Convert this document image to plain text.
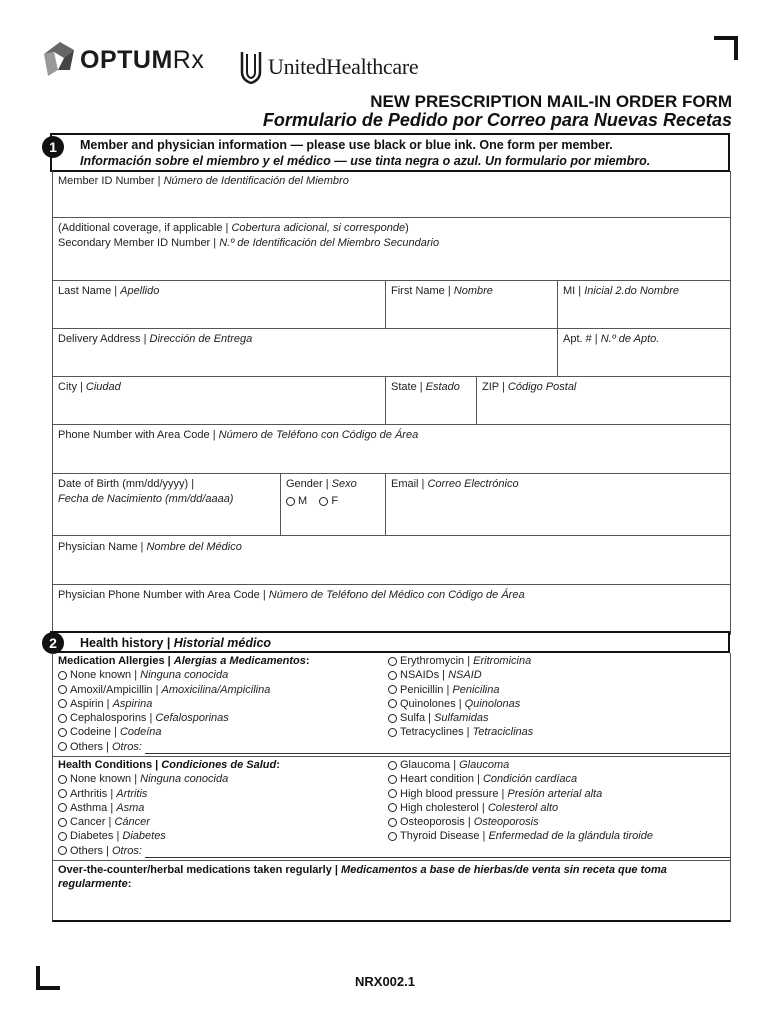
OPTUMRx	UnitedHealthcare
NEW PRESCRIPTION MAIL-IN ORDER FORM
Formulario de Pedido por Correo para Nuevas Recetas
1	Member and physician information — please use black or blue ink. One form per member.
Información sobre el miembro y el médico — use tinta negra o azul. Un formulario por miembro.
Member ID Number | Número de Identificación del Miembro
(Additional coverage, if applicable | Cobertura adicional, si corresponde)
Secondary Member ID Number | N.º de Identificación del Miembro Secundario
Last Name | Apellido	First Name | Nombre	MI | Inicial 2.do Nombre
Delivery Address | Dirección de Entrega	Apt. # | N.º de Apto.
City | Ciudad	State | Estado	ZIP | Código Postal
Phone Number with Area Code | Número de Teléfono con Código de Área
Date of Birth (mm/dd/yyyy) |
Fecha de Nacimiento (mm/dd/aaaa)
Gender | Sexo
M F
Email | Correo Electrónico
Physician Name | Nombre del Médico
Physician Phone Number with Area Code | Número de Teléfono del Médico con Código de Área
2	Health history | Historial médico
Medication Allergies | Alergias a Medicamentos:
None known | Ninguna conocida
Amoxil/Ampicillin | Amoxicilina/Ampicilina
Aspirin | Aspirina
Cephalosporins | Cefalosporinas
Codeine | Codeína
Others | Otros:
Erythromycin | Eritromicina
NSAIDs | NSAID
Penicillin | Penicilina
Quinolones | Quinolonas
Sulfa | Sulfamidas
Tetracyclines | Tetraciclinas
Health Conditions | Condiciones de Salud:
None known | Ninguna conocida
Arthritis | Artritis
Asthma | Asma
Cancer | Cáncer
Diabetes | Diabetes
Others | Otros:
Glaucoma | Glaucoma
Heart condition | Condición cardíaca
High blood pressure | Presión arterial alta
High cholesterol | Colesterol alto
Osteoporosis | Osteoporosis
Thyroid Disease | Enfermedad de la glándula tiroide
Over-the-counter/herbal medications taken regularly | Medicamentos a base de hierbas/de venta sin receta que toma regularmente:
NRX002.1
